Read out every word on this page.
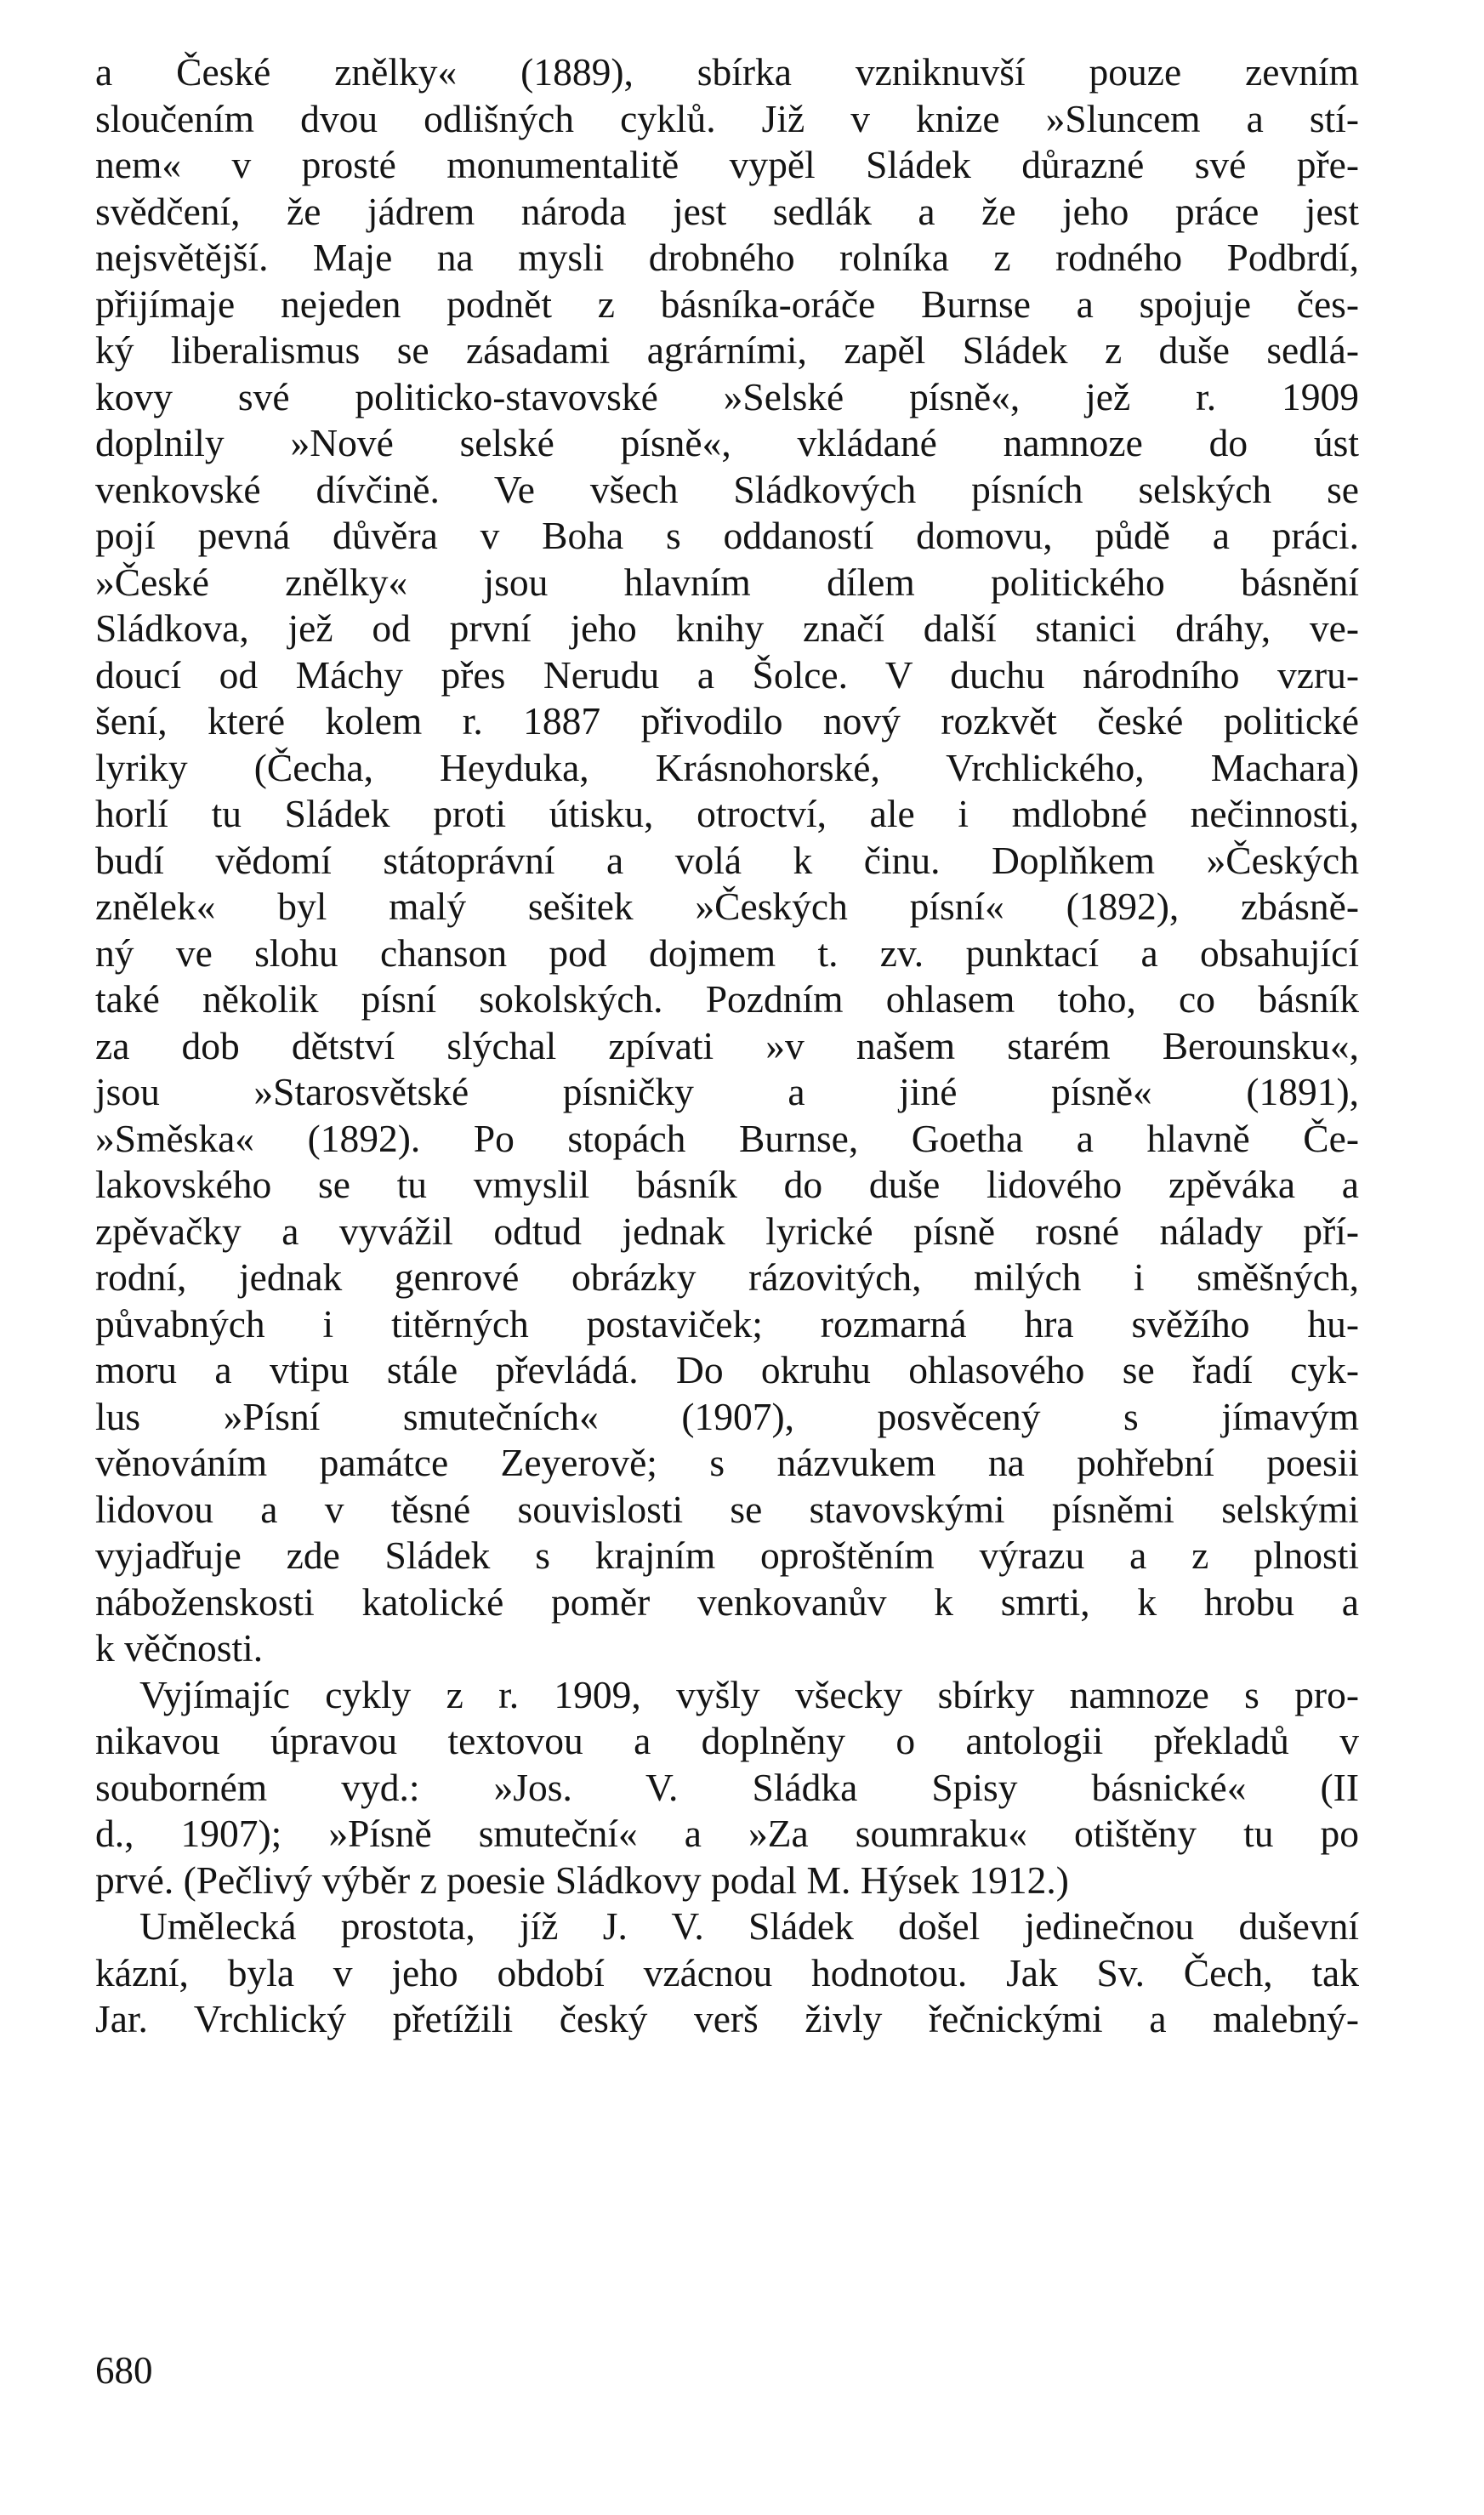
a České znělky« (1889), sbírka vzniknuvší pouze zevním
sloučením dvou odlišných cyklů. Již v knize »Sluncem a stí-
nem« v prosté monumentalitě vypěl Sládek důrazné své pře-
svědčení, že jádrem národa jest sedlák a že jeho práce jest
nejsvětější. Maje na mysli drobného rolníka z rodného Podbrdí,
přijímaje nejeden podnět z básníka-oráče Burnse a spojuje čes-
ký liberalismus se zásadami agrárními, zapěl Sládek z duše sedlá-
kovy své politicko-stavovské »Selské písně«, jež r. 1909
doplnily »Nové selské písně«, vkládané namnoze do úst
venkovské dívčině. Ve všech Sládkových písních selských se
pojí pevná důvěra v Boha s oddaností domovu, půdě a práci.
»České znělky« jsou hlavním dílem politického básnění
Sládkova, jež od první jeho knihy značí další stanici dráhy, ve-
doucí od Máchy přes Nerudu a Šolce. V duchu národního vzru-
šení, které kolem r. 1887 přivodilo nový rozkvět české politické
lyriky (Čecha, Heyduka, Krásnohorské, Vrchlického, Machara)
horlí tu Sládek proti útisku, otroctví, ale i mdlobné nečinnosti,
budí vědomí státoprávní a volá k činu. Doplňkem »Českých
znělek« byl malý sešitek »Českých písní« (1892), zbásně-
ný ve slohu chanson pod dojmem t. zv. punktací a obsahující
také několik písní sokolských. Pozdním ohlasem toho, co básník
za dob dětství slýchal zpívati »v našem starém Berounsku«,
jsou »Starosvětské písničky a jiné písně« (1891),
»Směska« (1892). Po stopách Burnse, Goetha a hlavně Če-
lakovského se tu vmyslil básník do duše lidového zpěváka a
zpěvačky a vyvážil odtud jednak lyrické písně rosné nálady pří-
rodní, jednak genrové obrázky rázovitých, milých i směšných,
půvabných i titěrných postaviček; rozmarná hra svěžího hu-
moru a vtipu stále převládá. Do okruhu ohlasového se řadí cyk-
lus »Písní smutečních« (1907), posvěcený s jímavým
věnováním památce Zeyerově; s názvukem na pohřební poesii
lidovou a v těsné souvislosti se stavovskými písněmi selskými
vyjadřuje zde Sládek s krajním oproštěním výrazu a z plnosti
náboženskosti katolické poměr venkovanův k smrti, k hrobu a
k věčnosti.
Vyjímajíc cykly z r. 1909, vyšly všecky sbírky namnoze s pro-
nikavou úpravou textovou a doplněny o antologii překladů v
souborném vyd.: »Jos. V. Sládka Spisy básnické« (II
d., 1907); »Písně smuteční« a »Za soumraku« otištěny tu po
prvé. (Pečlivý výběr z poesie Sládkovy podal M. Hýsek 1912.)
Umělecká prostota, jíž J. V. Sládek došel jedinečnou duševní
kázní, byla v jeho období vzácnou hodnotou. Jak Sv. Čech, tak
Jar. Vrchlický přetížili český verš živly řečnickými a malebný-
680
